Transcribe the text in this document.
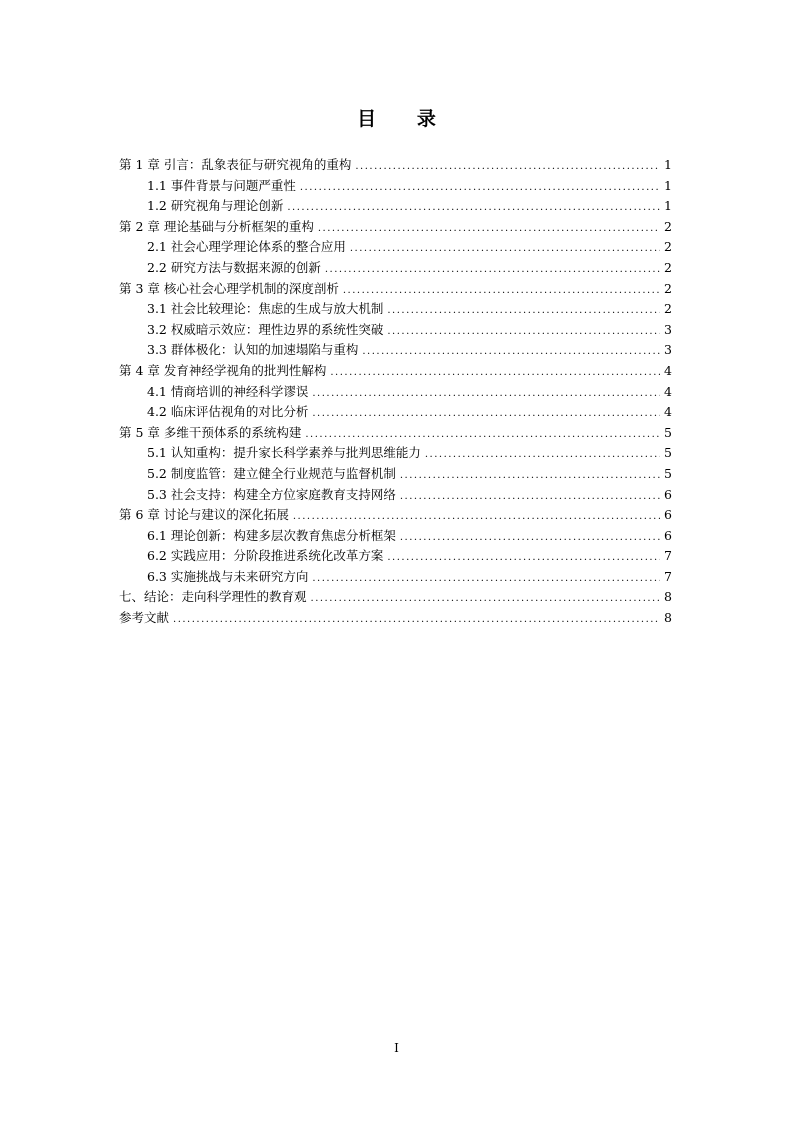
目 录
第 1 章 引言：乱象表征与研究视角的重构 .....	1
1.1 事件背景与问题严重性 .....	1
1.2 研究视角与理论创新 .....	1
第 2 章 理论基础与分析框架的重构 .....	2
2.1 社会心理学理论体系的整合应用 .....	2
2.2 研究方法与数据来源的创新 .....	2
第 3 章 核心社会心理学机制的深度剖析 .....	2
3.1 社会比较理论：焦虑的生成与放大机制 .....	2
3.2 权威暗示效应：理性边界的系统性突破 .....	3
3.3 群体极化：认知的加速塌陷与重构 .....	3
第 4 章 发育神经学视角的批判性解构 .....	4
4.1 情商培训的神经科学谬误 .....	4
4.2 临床评估视角的对比分析 .....	4
第 5 章 多维干预体系的系统构建 .....	5
5.1 认知重构：提升家长科学素养与批判思维能力 .....	5
5.2 制度监管：建立健全行业规范与监督机制 .....	5
5.3 社会支持：构建全方位家庭教育支持网络 .....	6
第 6 章 讨论与建议的深化拓展 .....	6
6.1 理论创新：构建多层次教育焦虑分析框架 .....	6
6.2 实践应用：分阶段推进系统化改革方案 .....	7
6.3 实施挑战与未来研究方向 .....	7
七、结论：走向科学理性的教育观 .....	8
参考文献 .....	8
I
